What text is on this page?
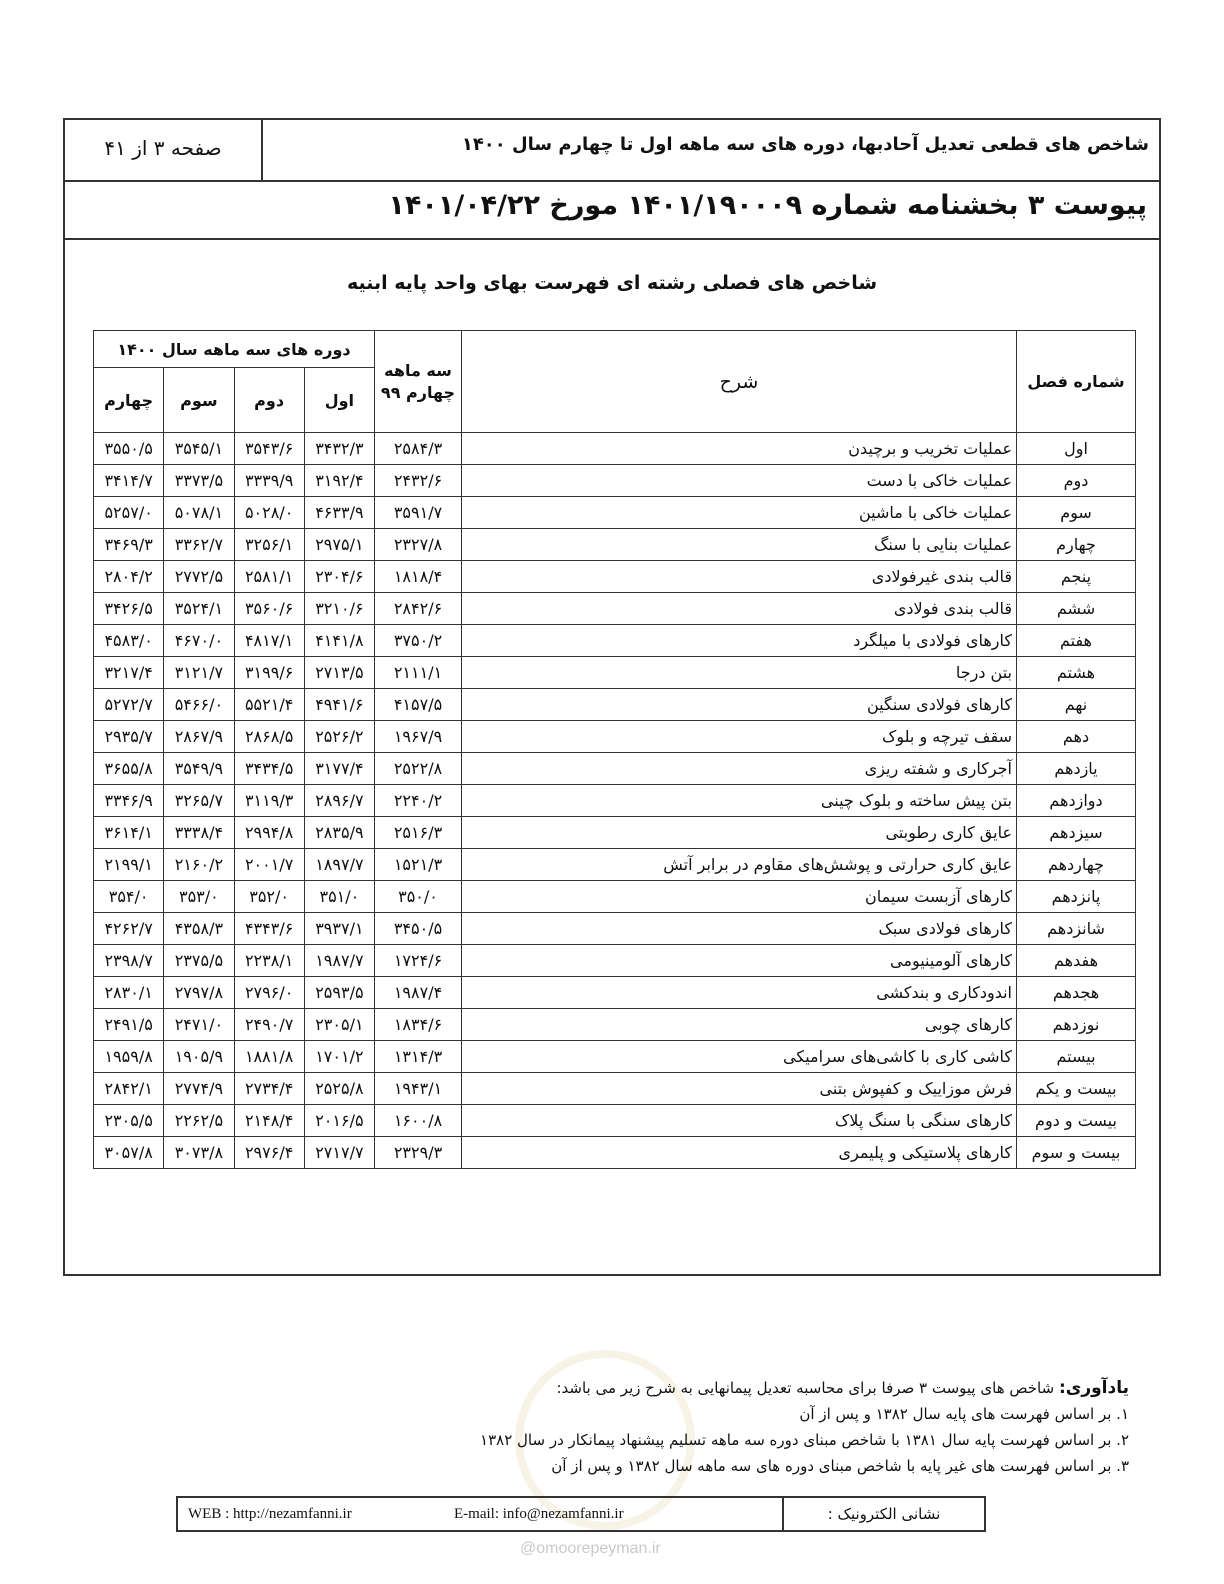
شاخص های قطعی تعدیل آحادبها، دوره های سه ماهه اول تا چهارم سال ۱۴۰۰
صفحه ۳ از ۴۱
پیوست ۳ بخشنامه شماره ۱۴۰۱/۱۹۰۰۰۹ مورخ ۱۴۰۱/۰۴/۲۲
شاخص های فصلی رشته ای فهرست بهای واحد پایه ابنیه
شماره فصل	شرح	سه ماهه چهارم ۹۹	دوره های سه ماهه سال ۱۴۰۰			
			اول	دوم	سوم	چهارم
اول	عملیات تخریب و برچیدن	۲۵۸۴/۳	۳۴۳۲/۳	۳۵۴۳/۶	۳۵۴۵/۱	۳۵۵۰/۵
دوم	عملیات خاکی با دست	۲۴۳۲/۶	۳۱۹۲/۴	۳۳۳۹/۹	۳۳۷۳/۵	۳۴۱۴/۷
سوم	عملیات خاکی با ماشین	۳۵۹۱/۷	۴۶۳۳/۹	۵۰۲۸/۰	۵۰۷۸/۱	۵۲۵۷/۰
چهارم	عملیات بنایی با سنگ	۲۳۲۷/۸	۲۹۷۵/۱	۳۲۵۶/۱	۳۳۶۲/۷	۳۴۶۹/۳
پنجم	قالب بندی غیرفولادی	۱۸۱۸/۴	۲۳۰۴/۶	۲۵۸۱/۱	۲۷۷۲/۵	۲۸۰۴/۲
ششم	قالب بندی فولادی	۲۸۴۲/۶	۳۲۱۰/۶	۳۵۶۰/۶	۳۵۲۴/۱	۳۴۲۶/۵
هفتم	کارهای فولادی با میلگرد	۳۷۵۰/۲	۴۱۴۱/۸	۴۸۱۷/۱	۴۶۷۰/۰	۴۵۸۳/۰
هشتم	بتن درجا	۲۱۱۱/۱	۲۷۱۳/۵	۳۱۹۹/۶	۳۱۲۱/۷	۳۲۱۷/۴
نهم	کارهای فولادی سنگین	۴۱۵۷/۵	۴۹۴۱/۶	۵۵۲۱/۴	۵۴۶۶/۰	۵۲۷۲/۷
دهم	سقف تیرچه و بلوک	۱۹۶۷/۹	۲۵۲۶/۲	۲۸۶۸/۵	۲۸۶۷/۹	۲۹۳۵/۷
یازدهم	آجرکاری و شفته ریزی	۲۵۲۲/۸	۳۱۷۷/۴	۳۴۳۴/۵	۳۵۴۹/۹	۳۶۵۵/۸
دوازدهم	بتن پیش ساخته و بلوک چینی	۲۲۴۰/۲	۲۸۹۶/۷	۳۱۱۹/۳	۳۲۶۵/۷	۳۳۴۶/۹
سیزدهم	عایق کاری رطوبتی	۲۵۱۶/۳	۲۸۳۵/۹	۲۹۹۴/۸	۳۳۳۸/۴	۳۶۱۴/۱
چهاردهم	عایق کاری حرارتی و پوشش‌های مقاوم در برابر آتش	۱۵۲۱/۳	۱۸۹۷/۷	۲۰۰۱/۷	۲۱۶۰/۲	۲۱۹۹/۱
پانزدهم	کارهای آزبست سیمان	۳۵۰/۰	۳۵۱/۰	۳۵۲/۰	۳۵۳/۰	۳۵۴/۰
شانزدهم	کارهای فولادی سبک	۳۴۵۰/۵	۳۹۳۷/۱	۴۳۴۳/۶	۴۳۵۸/۳	۴۲۶۲/۷
هفدهم	کارهای آلومینیومی	۱۷۲۴/۶	۱۹۸۷/۷	۲۲۳۸/۱	۲۳۷۵/۵	۲۳۹۸/۷
هجدهم	اندودکاری و بندکشی	۱۹۸۷/۴	۲۵۹۳/۵	۲۷۹۶/۰	۲۷۹۷/۸	۲۸۳۰/۱
نوزدهم	کارهای چوبی	۱۸۳۴/۶	۲۳۰۵/۱	۲۴۹۰/۷	۲۴۷۱/۰	۲۴۹۱/۵
بیستم	کاشی کاری با کاشی‌های سرامیکی	۱۳۱۴/۳	۱۷۰۱/۲	۱۸۸۱/۸	۱۹۰۵/۹	۱۹۵۹/۸
بیست و یکم	فرش موزاییک و کفپوش بتنی	۱۹۴۳/۱	۲۵۲۵/۸	۲۷۳۴/۴	۲۷۷۴/۹	۲۸۴۲/۱
بیست و دوم	کارهای سنگی با سنگ پلاک	۱۶۰۰/۸	۲۰۱۶/۵	۲۱۴۸/۴	۲۲۶۲/۵	۲۳۰۵/۵
بیست و سوم	کارهای پلاستیکی و پلیمری	۲۳۲۹/۳	۲۷۱۷/۷	۲۹۷۶/۴	۳۰۷۳/۸	۳۰۵۷/۸
یادآوری: شاخص های پیوست ۳ صرفا برای محاسبه تعدیل پیمانهایی به شرح زیر می باشد:
۱. بر اساس فهرست های پایه سال ۱۳۸۲ و پس از آن
۲. بر اساس فهرست پایه سال ۱۳۸۱ با شاخص مبنای دوره سه ماهه تسلیم پیشنهاد پیمانکار در سال ۱۳۸۲
۳. بر اساس فهرست های غیر پایه با شاخص مبنای دوره های سه ماهه سال ۱۳۸۲ و پس از آن
نشانی الکترونیک :
WEB : http://nezamfanni.ir	E-mail: info@nezamfanni.ir
@omoorepeyman.ir
